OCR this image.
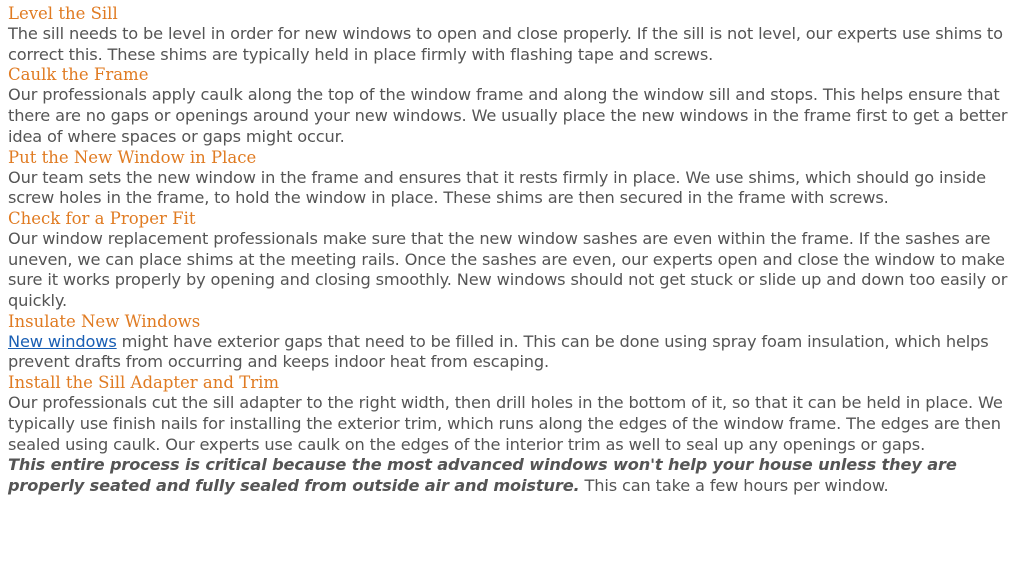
Level the Sill

The sill needs to be level in order for new windows to open and close properly. If the sill is not level, our experts use shims to correct this. These shims are typically held in place firmly with flashing tape and screws.

Caulk the Frame

Our professionals apply caulk along the top of the window frame and along the window sill and stops. This helps ensure that there are no gaps or openings around your new windows. We usually place the new windows in the frame first to get a better idea of where spaces or gaps might occur.

Put the New Window in Place

Our team sets the new window in the frame and ensures that it rests firmly in place. We use shims, which should go inside screw holes in the frame, to hold the window in place. These shims are then secured in the frame with screws.

Check for a Proper Fit

Our window replacement professionals make sure that the new window sashes are even within the frame. If the sashes are uneven, we can place shims at the meeting rails. Once the sashes are even, our experts open and close the window to make sure it works properly by opening and closing smoothly. New windows should not get stuck or slide up and down too easily or quickly.

Insulate New Windows

New windows might have exterior gaps that need to be filled in. This can be done using spray foam insulation, which helps prevent drafts from occurring and keeps indoor heat from escaping.

Install the Sill Adapter and Trim

Our professionals cut the sill adapter to the right width, then drill holes in the bottom of it, so that it can be held in place. We typically use finish nails for installing the exterior trim, which runs along the edges of the window frame. The edges are then sealed using caulk. Our experts use caulk on the edges of the interior trim as well to seal up any openings or gaps.

This entire process is critical because the most advanced windows won't help your house unless they are properly seated and fully sealed from outside air and moisture. This can take a few hours per window.
